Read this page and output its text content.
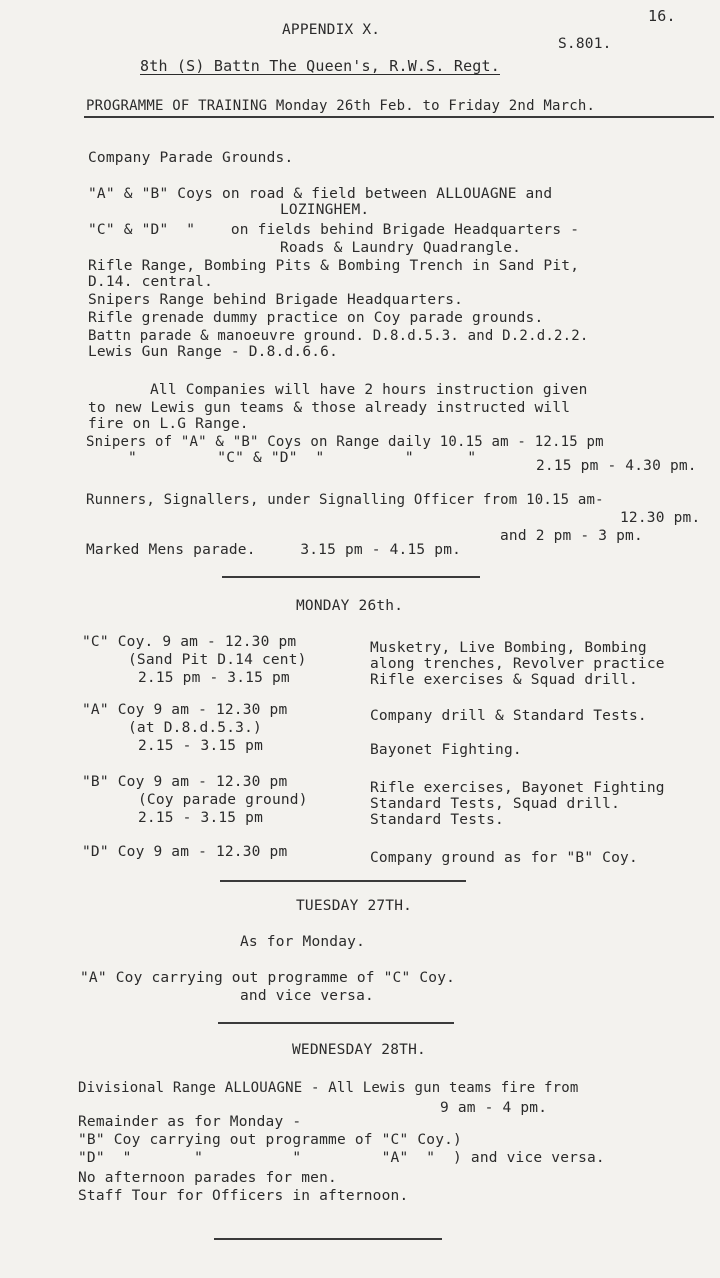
16.
APPENDIX X.
S.801.
8th (S) Battn The Queen's, R.W.S. Regt.
PROGRAMME OF TRAINING Monday 26th Feb. to Friday 2nd March.
Company Parade Grounds.
"A" & "B" Coys on road & field between ALLOUAGNE and
LOZINGHEM.
"C" & "D"  "    on fields behind Brigade Headquarters -
Roads & Laundry Quadrangle.
Rifle Range, Bombing Pits & Bombing Trench in Sand Pit,
D.14. central.
Snipers Range behind Brigade Headquarters.
Rifle grenade dummy practice on Coy parade grounds.
Battn parade & manoeuvre ground. D.8.d.5.3. and D.2.d.2.2.
Lewis Gun Range - D.8.d.6.6.
All Companies will have 2 hours instruction given
to new Lewis gun teams & those already instructed will
fire on L.G Range.
Snipers of "A" & "B" Coys on Range daily 10.15 am - 12.15 pm
"         "C" & "D"  "         "      "	2.15 pm - 4.30 pm.
Runners, Signallers, under Signalling Officer from 10.15 am-
12.30 pm.
and 2 pm - 3 pm.
Marked Mens parade.     3.15 pm - 4.15 pm.
MONDAY 26th.
"C" Coy. 9 am - 12.30 pm
(Sand Pit D.14 cent)
2.15 pm - 3.15 pm
Musketry, Live Bombing, Bombing
along trenches, Revolver practice
Rifle exercises & Squad drill.
"A" Coy 9 am - 12.30 pm
(at D.8.d.5.3.)
2.15 - 3.15 pm
Company drill & Standard Tests.
Bayonet Fighting.
"B" Coy 9 am - 12.30 pm
(Coy parade ground)
2.15 - 3.15 pm
Rifle exercises, Bayonet Fighting
Standard Tests, Squad drill.
Standard Tests.
"D" Coy 9 am - 12.30 pm	Company ground as for "B" Coy.
TUESDAY 27TH.
As for Monday.
"A" Coy carrying out programme of "C" Coy.
and vice versa.
WEDNESDAY 28TH.
Divisional Range ALLOUAGNE - All Lewis gun teams fire from
9 am - 4 pm.
Remainder as for Monday -
"B" Coy carrying out programme of "C" Coy.)
"D"  "       "          "         "A"  "  ) and vice versa.
No afternoon parades for men.
Staff Tour for Officers in afternoon.
